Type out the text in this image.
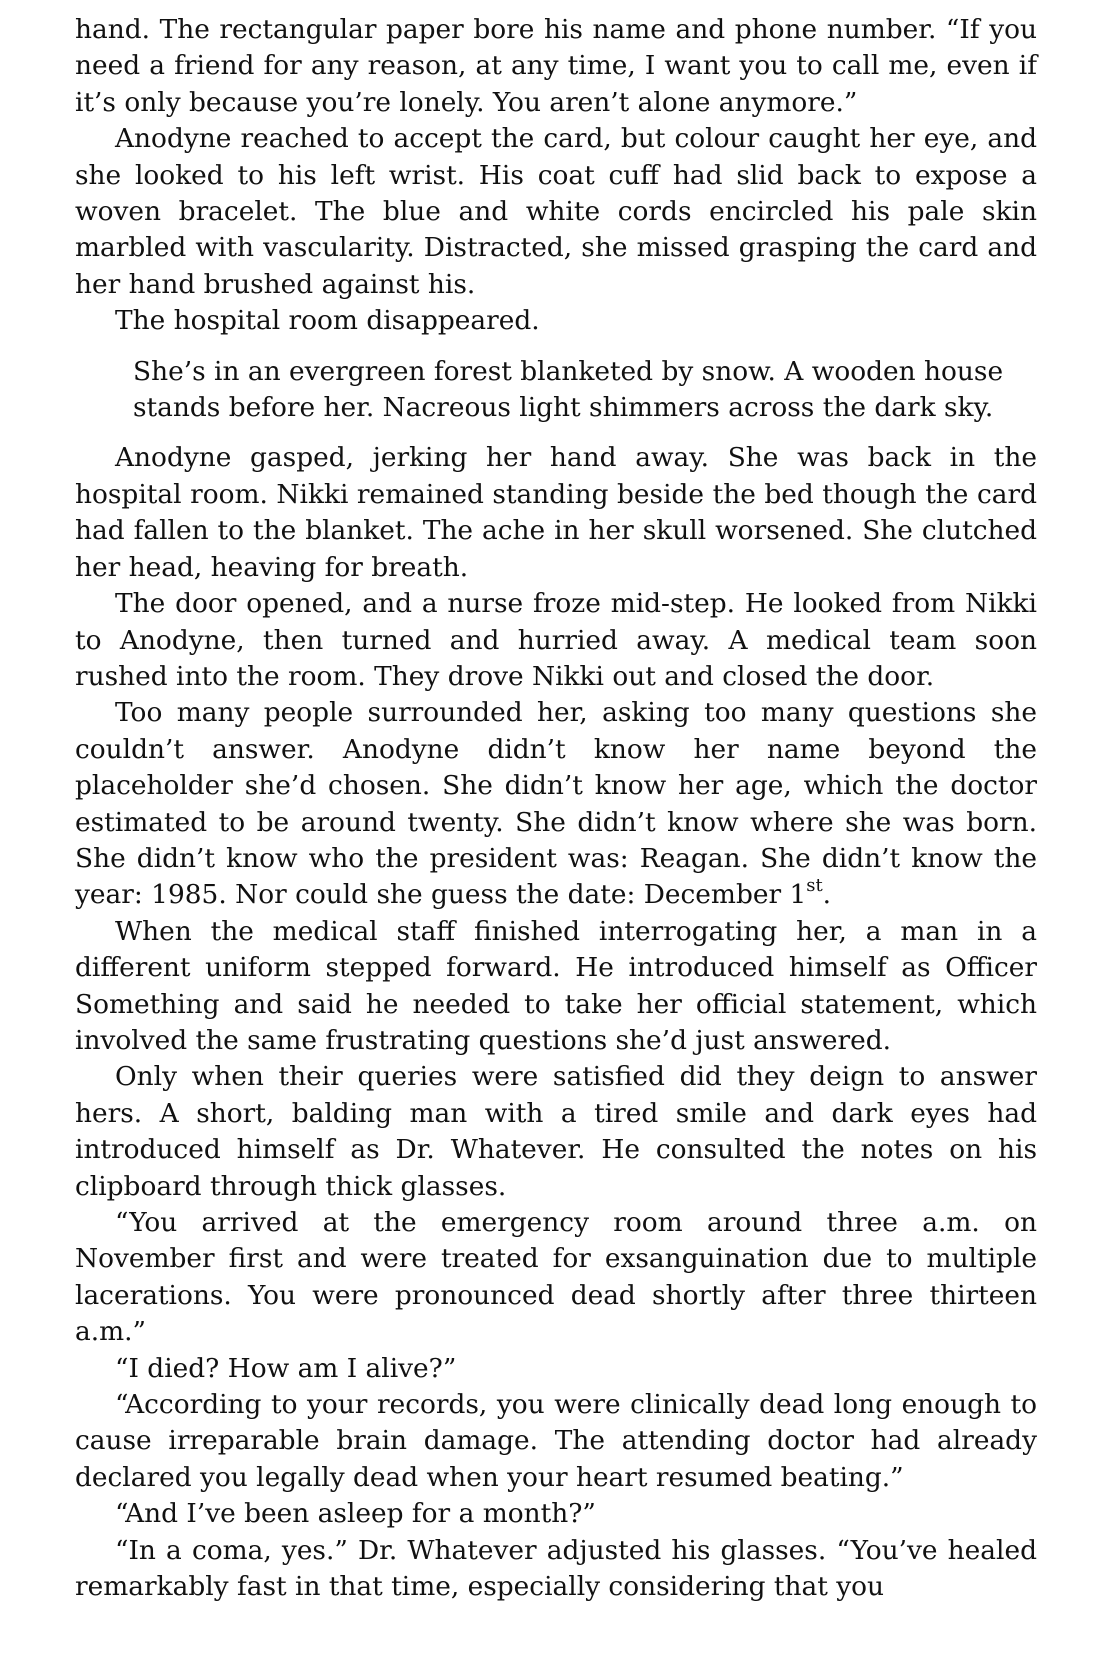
hand. The rectangular paper bore his name and phone number. “If you need a friend for any reason, at any time, I want you to call me, even if it’s only because you’re lonely. You aren’t alone anymore.”

Anodyne reached to accept the card, but colour caught her eye, and she looked to his left wrist. His coat cuff had slid back to expose a woven bracelet. The blue and white cords encircled his pale skin marbled with vascularity. Distracted, she missed grasping the card and her hand brushed against his.

The hospital room disappeared.

She’s in an evergreen forest blanketed by snow. A wooden house
stands before her. Nacreous light shimmers across the dark sky.

Anodyne gasped, jerking her hand away. She was back in the hospital room. Nikki remained standing beside the bed though the card had fallen to the blanket. The ache in her skull worsened. She clutched her head, heaving for breath.

The door opened, and a nurse froze mid-step. He looked from Nikki to Anodyne, then turned and hurried away. A medical team soon rushed into the room. They drove Nikki out and closed the door.

Too many people surrounded her, asking too many questions she couldn’t answer. Anodyne didn’t know her name beyond the placeholder she’d chosen. She didn’t know her age, which the doctor estimated to be around twenty. She didn’t know where she was born. She didn’t know who the president was: Reagan. She didn’t know the year: 1985. Nor could she guess the date: December 1st.

When the medical staff finished interrogating her, a man in a different uniform stepped forward. He introduced himself as Officer Something and said he needed to take her official statement, which involved the same frustrating questions she’d just answered.

Only when their queries were satisfied did they deign to answer hers. A short, balding man with a tired smile and dark eyes had introduced himself as Dr. Whatever. He consulted the notes on his clipboard through thick glasses.

“You arrived at the emergency room around three a.m. on November first and were treated for exsanguination due to multiple lacerations. You were pronounced dead shortly after three thirteen a.m.”

“I died? How am I alive?”

“According to your records, you were clinically dead long enough to cause irreparable brain damage. The attending doctor had already declared you legally dead when your heart resumed beating.”

“And I’ve been asleep for a month?”

“In a coma, yes.” Dr. Whatever adjusted his glasses. “You’ve healed remarkably fast in that time, especially considering that you
